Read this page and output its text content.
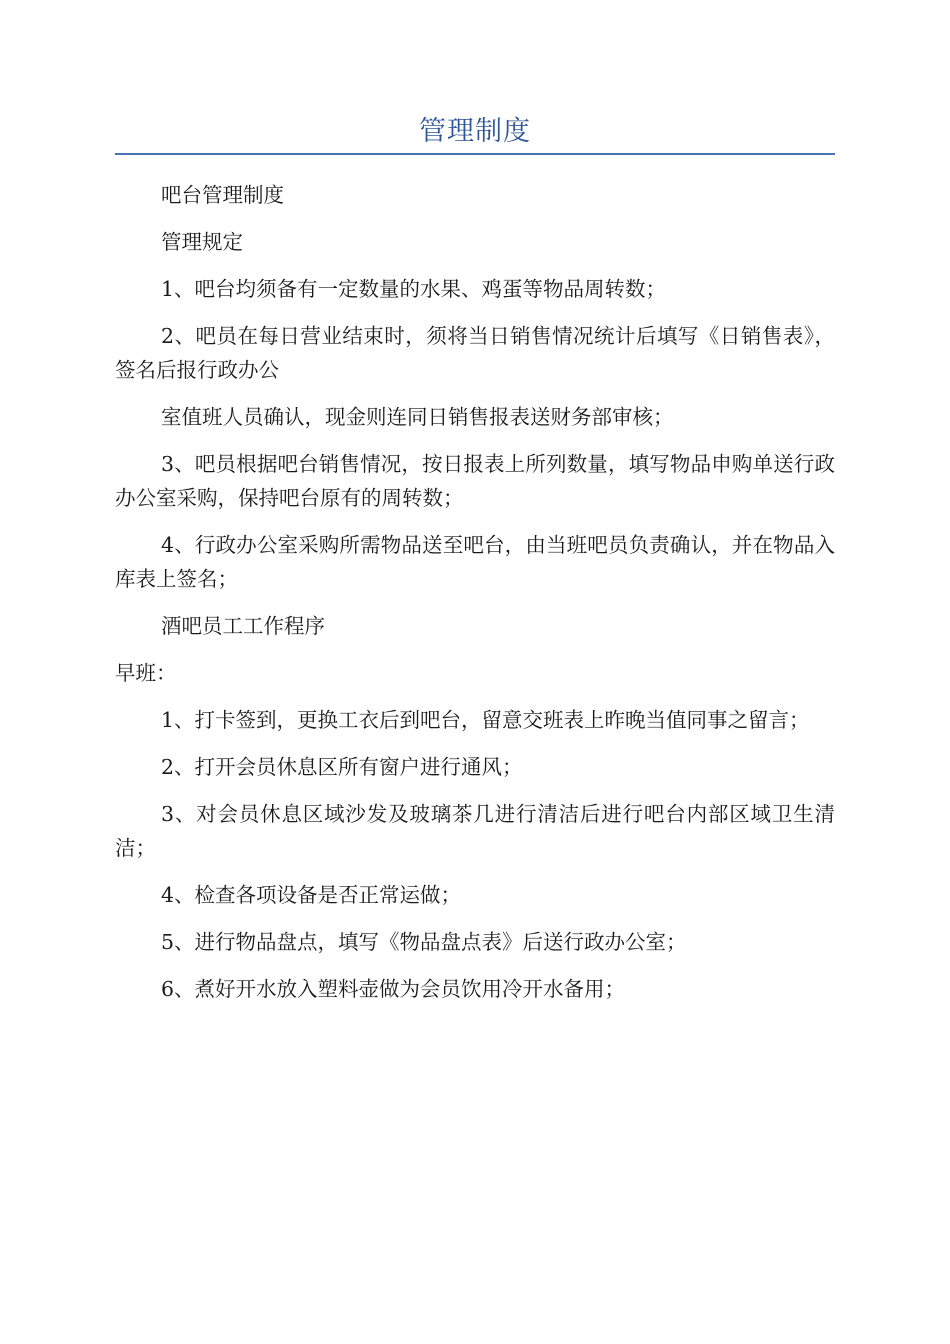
管理制度

吧台管理制度

管理规定

1、吧台均须备有一定数量的水果、鸡蛋等物品周转数；

2、吧员在每日营业结束时，须将当日销售情况统计后填写《日销售表》，签名后报行政办公

室值班人员确认，现金则连同日销售报表送财务部审核；

3、吧员根据吧台销售情况，按日报表上所列数量，填写物品申购单送行政办公室采购，保持吧台原有的周转数；

4、行政办公室采购所需物品送至吧台，由当班吧员负责确认，并在物品入库表上签名；

酒吧员工工作程序

早班：

1、打卡签到，更换工衣后到吧台，留意交班表上昨晚当值同事之留言；

2、打开会员休息区所有窗户进行通风；

3、对会员休息区域沙发及玻璃茶几进行清洁后进行吧台内部区域卫生清洁；

4、检查各项设备是否正常运做；

5、进行物品盘点，填写《物品盘点表》后送行政办公室；

6、煮好开水放入塑料壶做为会员饮用冷开水备用；
